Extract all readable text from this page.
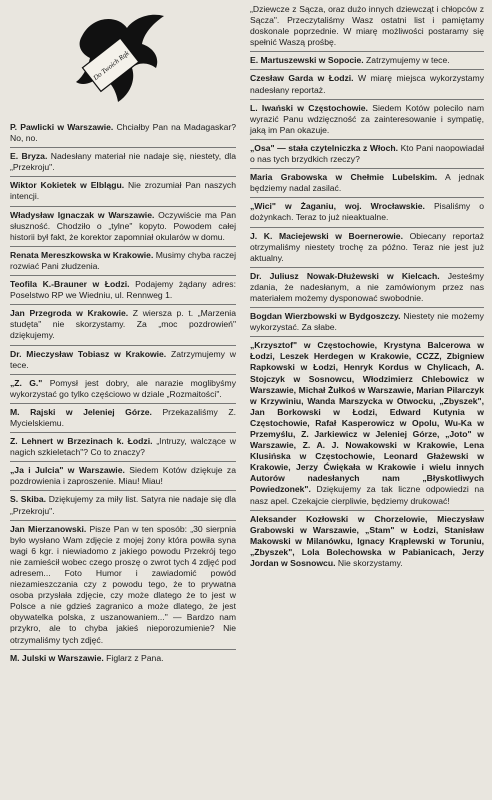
Do Twoich Rąk

P. Pawlicki w Warszawie. Chciałby Pan na Madagaskar? No, no.

E. Bryza. Nadesłany materiał nie nadaje się, niestety, dla „Przekroju".

Wiktor Kokietek w Elblągu. Nie zrozumiał Pan naszych intencji.

Władysław Ignaczak w Warszawie. Oczywiście ma Pan słuszność. Chodziło o „tylne" kopyto. Powodem całej historii był fakt, że korektor zapomniał okularów w domu.

Renata Mereszkowska w Krakowie. Musimy chyba raczej rozwiać Pani złudzenia.

Teofila K.-Brauner w Łodzi. Podajemy żądany adres: Poselstwo RP we Wiedniu, ul. Rennweg 1.

Jan Przegroda w Krakowie. Z wiersza p. t. „Marzenia studęta" nie skorzystamy. Za „moc pozdrowień" dziękujemy.

Dr. Mieczysław Tobiasz w Krakowie. Zatrzymujemy w tece.

„Z. G." Pomysł jest dobry, ale narazie moglibyśmy wykorzystać go tylko częściowo w dziale „Rozmaitości".

M. Rajski w Jeleniej Górze. Przekazaliśmy Z. Mycielskiemu.

Z. Lehnert w Brzezinach k. Łodzi. „Intruzy, walczące w nagich szkieletach"? Co to znaczy?

„Ja i Julcia" w Warszawie. Siedem Kotów dziękuje za pozdrowienia i zaproszenie. Miau! Miau!

S. Skiba. Dziękujemy za miły list. Satyra nie nadaje się dla „Przekroju".

Jan Mierzanowski. Pisze Pan w ten sposób: „30 sierpnia było wysłano Wam zdjęcie z mojej żony która powiła syna wagi 6 kgr. i niewiadomo z jakiego powodu Przekrój tego nie zamieścił wobec czego proszę o zwrot tych 4 zdjęć pod adresem... Foto Humor i zawiadomić powód niezamieszczania czy z powodu tego, że to prywatna osoba przysłała zdjęcie, czy może dlatego że to jest w Polsce a nie gdzieś zagranico a może dlatego, że jest obywatelka polska, z uszanowaniem..." — Bardzo nam przykro, ale to chyba jakieś nieporozumienie? Nie otrzymaliśmy tych zdjęć.

M. Julski w Warszawie. Figlarz z Pana.

„Dziewcze z Sącza, oraz dużo innych dziewcząt i chłopców z Sącza". Przeczytaliśmy Wasz ostatni list i pamiętamy doskonale poprzednie. W miarę możliwości postaramy się spełnić Waszą prośbę.

E. Martuszewski w Sopocie. Zatrzymujemy w tece.

Czesław Garda w Łodzi. W miarę miejsca wykorzystamy nadesłany reportaż.

L. Iwański w Częstochowie. Siedem Kotów polecilo nam wyrazić Panu wdzięczność za zainteresowanie i sympatię, jaką im Pan okazuje.

„Osa" — stała czytelniczka z Włoch. Kto Pani naopowiadał o nas tych brzydkich rzeczy?

Maria Grabowska w Chełmie Lubelskim. A jednak będziemy nadal zasilać.

„Wici" w Żaganiu, woj. Wrocławskie. Pisaliśmy o dożynkach. Teraz to już nieaktualne.

J. K. Maciejewski w Boernerowie. Obiecany reportaż otrzymaliśmy niestety trochę za późno. Teraz nie jest już aktualny.

Dr. Juliusz Nowak-Dłużewski w Kielcach. Jesteśmy zdania, że nadesłanym, a nie zamówionym przez nas materiałem możemy dysponować swobodnie.

Bogdan Wierzbowski w Bydgoszczy. Niestety nie możemy wykorzystać. Za słabe.

„Krzysztof" w Częstochowie, Krystyna Balcerowa w Łodzi, Leszek Herdegen w Krakowie, CCZZ, Zbigniew Rapkowski w Łodzi, Henryk Kordus w Chylicach, A. Stojczyk w Sosnowcu, Włodzimierz Chlebowicz w Warszawie, Michał Żułkoś w Warszawie, Marian Pilarczyk w Krzywiniu, Wanda Marszycka w Otwocku, „Zbyszek", Jan Borkowski w Łodzi, Edward Kutynia w Częstochowie, Rafał Kasperowicz w Opolu, Wu-Ka w Przemyślu, Z. Jarkiewicz w Jeleniej Górze, „Joto" w Warszawie, Z. A. J. Nowakowski w Krakowie, Lena Klusińska w Częstochowie, Leonard Głażewski w Krakowie, Jerzy Ćwiękała w Krakowie i wielu innych Autorów nadesłanych nam „Błyskotliwych Powiedzonek". Dziękujemy za tak liczne odpowiedzi na nasz apel. Czekajcie cierpliwie, będziemy drukować!

Aleksander Kozłowski w Chorzelowie, Mieczysław Grabowski w Warszawie, „Stam" w Łodzi, Stanisław Makowski w Milanówku, Ignacy Krąplewski w Toruniu, „Zbyszek", Lola Bolechowska w Pabianicach, Jerzy Jordan w Sosnowcu. Nie skorzystamy.
